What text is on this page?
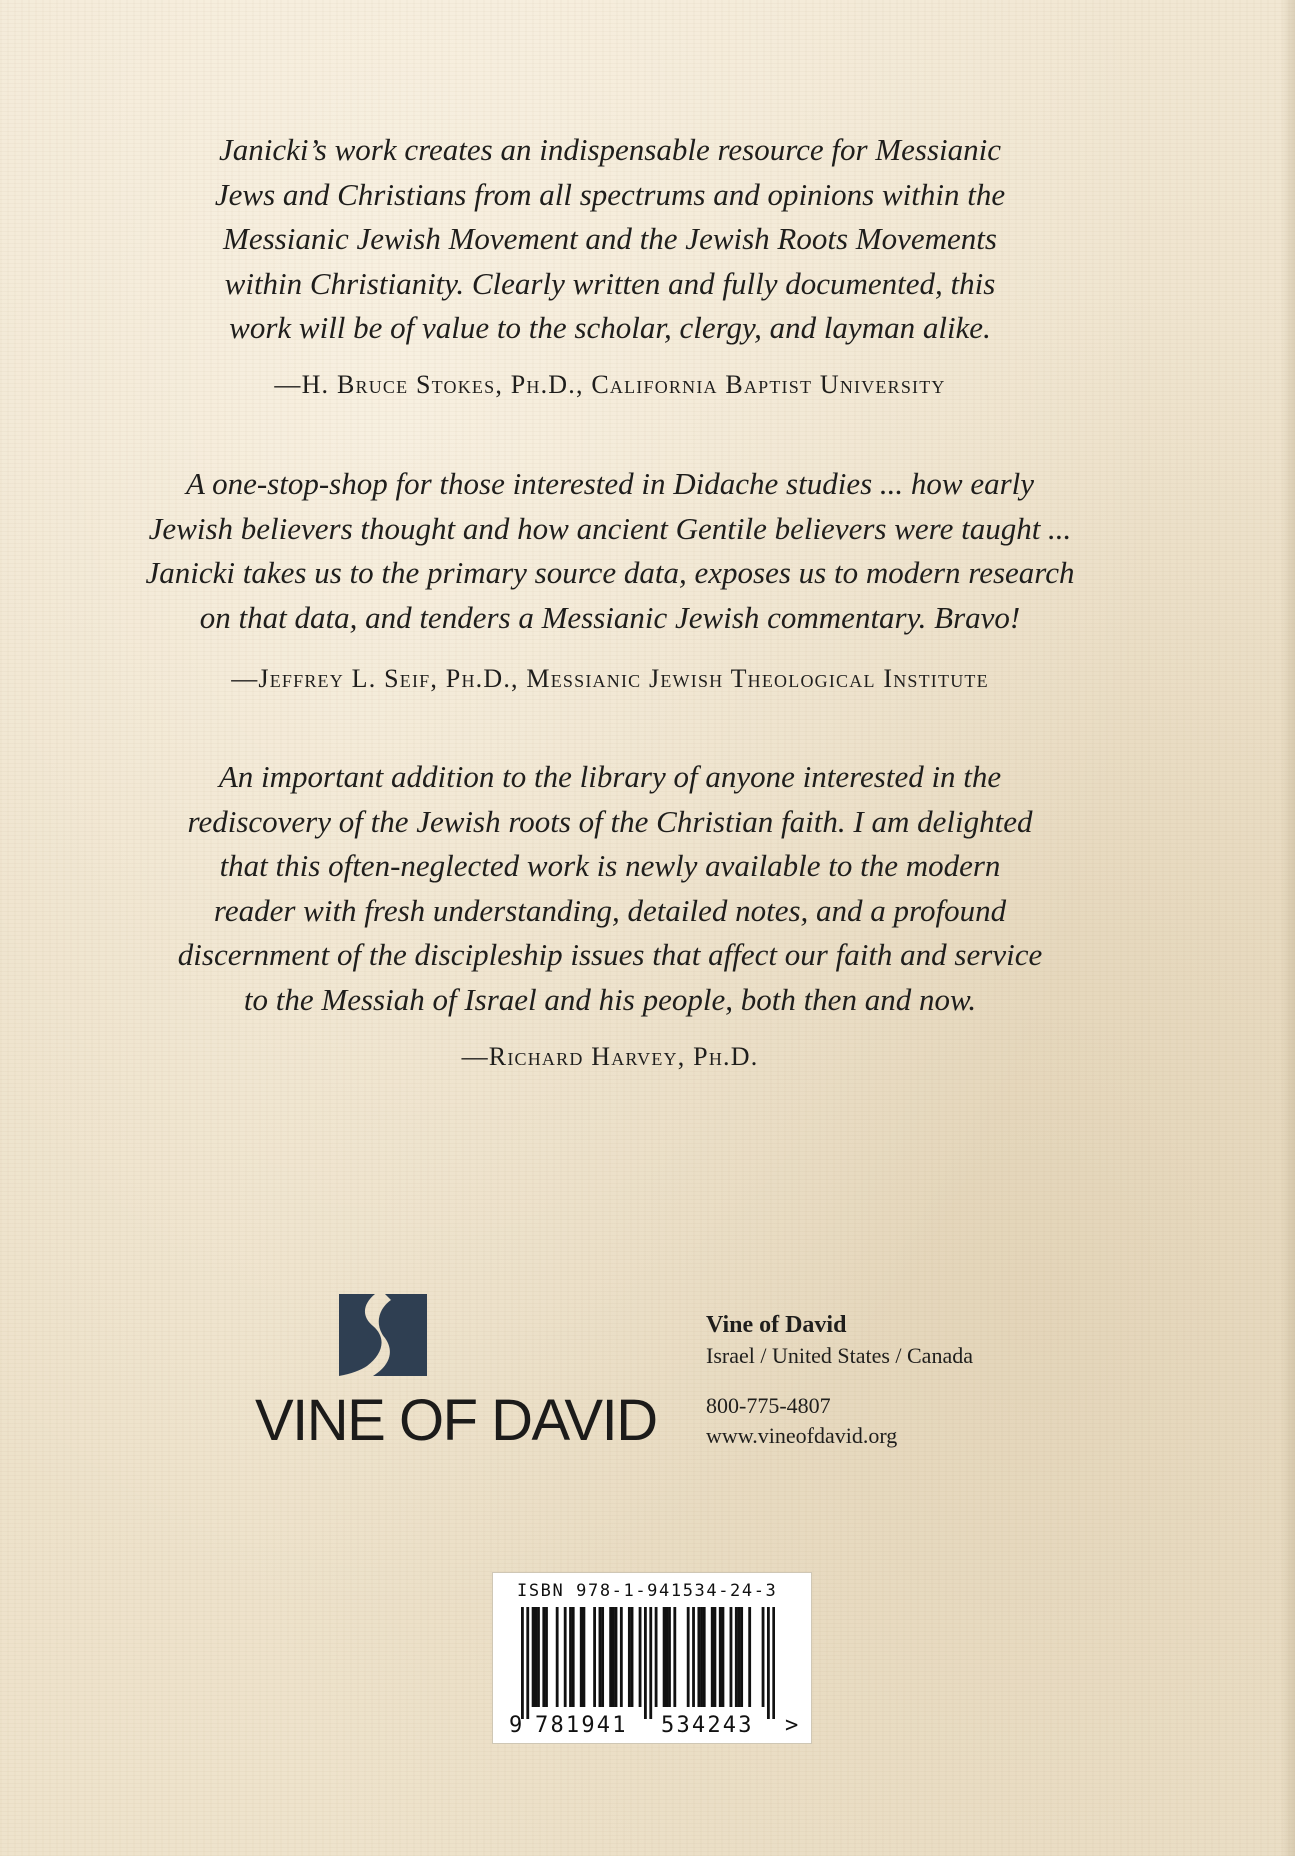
Janicki’s work creates an indispensable resource for Messianic
Jews and Christians from all spectrums and opinions within the
Messianic Jewish Movement and the Jewish Roots Movements
within Christianity. Clearly written and fully documented, this
work will be of value to the scholar, clergy, and layman alike.

—H. Bruce Stokes, Ph.D., California Baptist University

A one-stop-shop for those interested in Didache studies ... how early
Jewish believers thought and how ancient Gentile believers were taught ...
Janicki takes us to the primary source data, exposes us to modern research
on that data, and tenders a Messianic Jewish commentary. Bravo!

—Jeffrey L. Seif, Ph.D., Messianic Jewish Theological Institute

An important addition to the library of anyone interested in the
rediscovery of the Jewish roots of the Christian faith. I am delighted
that this often-neglected work is newly available to the modern
reader with fresh understanding, detailed notes, and a profound
discernment of the discipleship issues that affect our faith and service
to the Messiah of Israel and his people, both then and now.

—Richard Harvey, Ph.D.

VINE OF DAVID
Vine of David
Israel / United States / Canada
800-775-4807
www.vineofdavid.org
ISBN 978-1-941534-24-3
9 781941 534243 >
